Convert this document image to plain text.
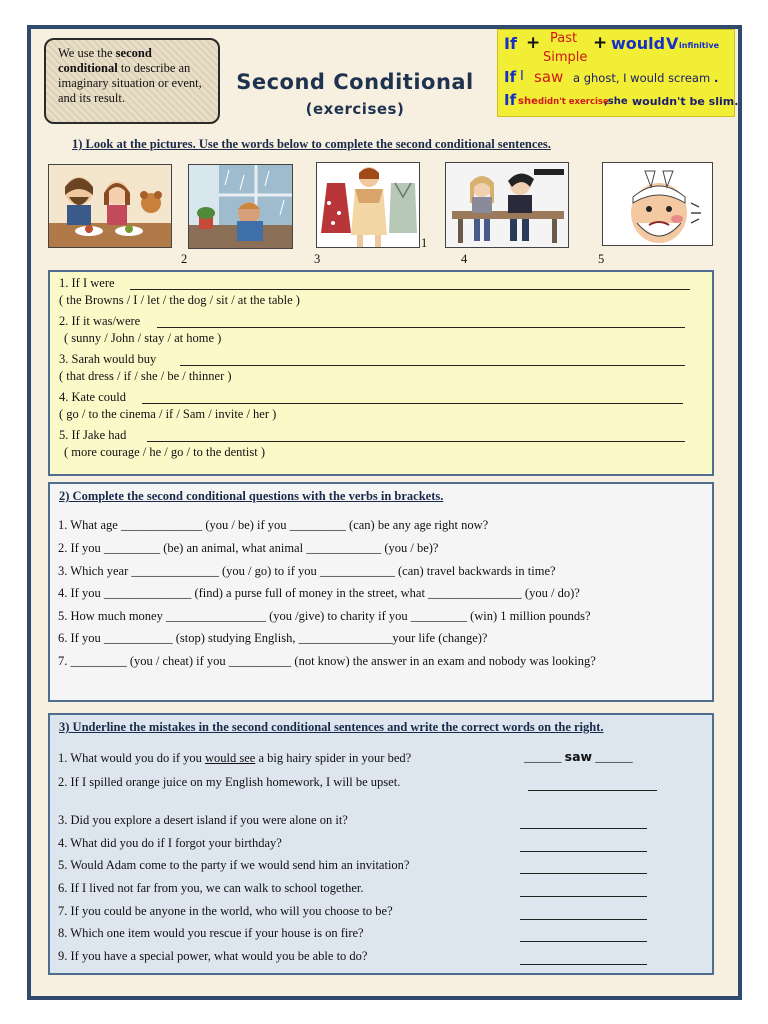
We use the second conditional to describe an imaginary situation or event, and its result.
Second Conditional
(exercises)
If + Past
Simple
+ would V infinitive
If I saw a ghost, I would scream .
If she didn't exercise
,she wouldn't be slim.
1) Look at the pictures. Use the words below to complete the second conditional sentences.
1
2	3	4	5
1. If I were
( the Browns / I / let / the dog / sit / at the table )
2. If it was/were
( sunny / John / stay / at home )
3. Sarah would buy
( that dress / if / she / be / thinner )
4. Kate could
( go / to the cinema / if / Sam / invite / her )
5. If Jake had
( more courage / he / go / to the dentist )
2) Complete the second conditional questions with the verbs in brackets.
1. What age _____________ (you / be) if you _________ (can) be any age right now?
2. If you _________ (be) an animal, what animal ____________ (you / be)?
3. Which year ______________ (you / go) to if you ____________ (can) travel backwards in time?
4. If you ______________ (find) a purse full of money in the street, what _______________ (you / do)?
5. How much money ________________ (you /give) to charity if you _________ (win) 1 million pounds?
6. If you ___________ (stop) studying English, _______________your life (change)?
7. _________ (you / cheat) if you __________ (not know) the answer in an exam and nobody was looking?
3) Underline the mistakes in the second conditional sentences and write the correct words on the right.
1. What would you do if you would see a big hairy spider in your bed?	______ saw ______
2. If I spilled orange juice on my English homework, I will be upset.
3. Did you explore a desert island if you were alone on it?
4. What did you do if I forgot your birthday?
5. Would Adam come to the party if we would send him an invitation?
6. If I lived not far from you, we can walk to school together.
7. If you could be anyone in the world, who will you choose to be?
8. Which one item would you rescue if your house is on fire?
9. If you have a special power, what would you be able to do?
